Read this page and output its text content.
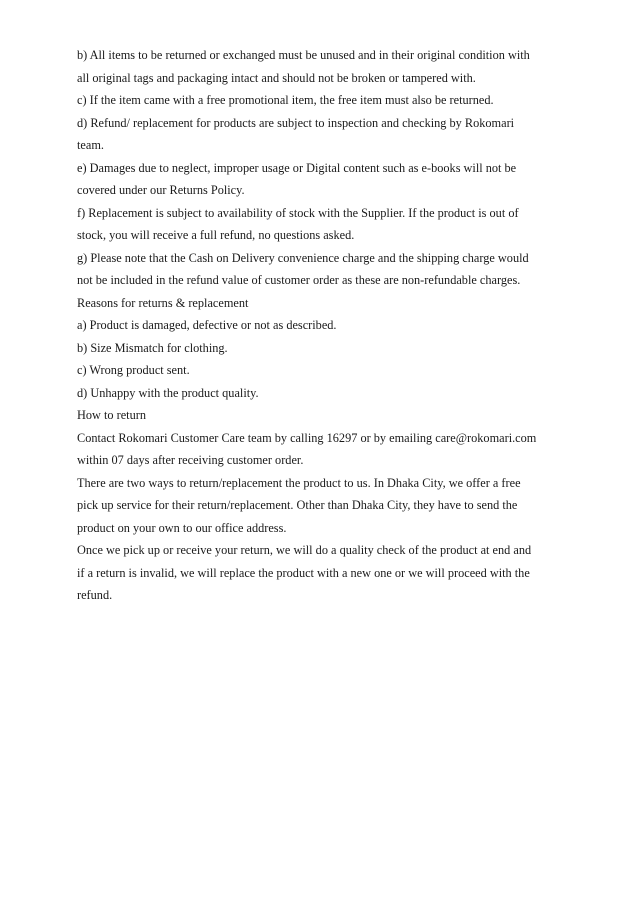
b) All items to be returned or exchanged must be unused and in their original condition with

all original tags and packaging intact and should not be broken or tampered with.

c) If the item came with a free promotional item, the free item must also be returned.

d) Refund/ replacement for products are subject to inspection and checking by Rokomari

team.

e) Damages due to neglect, improper usage or Digital content such as e-books will not be

covered under our Returns Policy.

f) Replacement is subject to availability of stock with the Supplier. If the product is out of

stock, you will receive a full refund, no questions asked.

g) Please note that the Cash on Delivery convenience charge and the shipping charge would

not be included in the refund value of customer order as these are non-refundable charges.

Reasons for returns & replacement

a) Product is damaged, defective or not as described.

b) Size Mismatch for clothing.

c) Wrong product sent.

d) Unhappy with the product quality.

How to return

Contact Rokomari Customer Care team by calling 16297 or by emailing care@rokomari.com

within 07 days after receiving customer order.

There are two ways to return/replacement the product to us. In Dhaka City, we offer a free

pick up service for their return/replacement. Other than Dhaka City, they have to send the

product on your own to our office address.

Once we pick up or receive your return, we will do a quality check of the product at end and

if a return is invalid, we will replace the product with a new one or we will proceed with the

refund.
